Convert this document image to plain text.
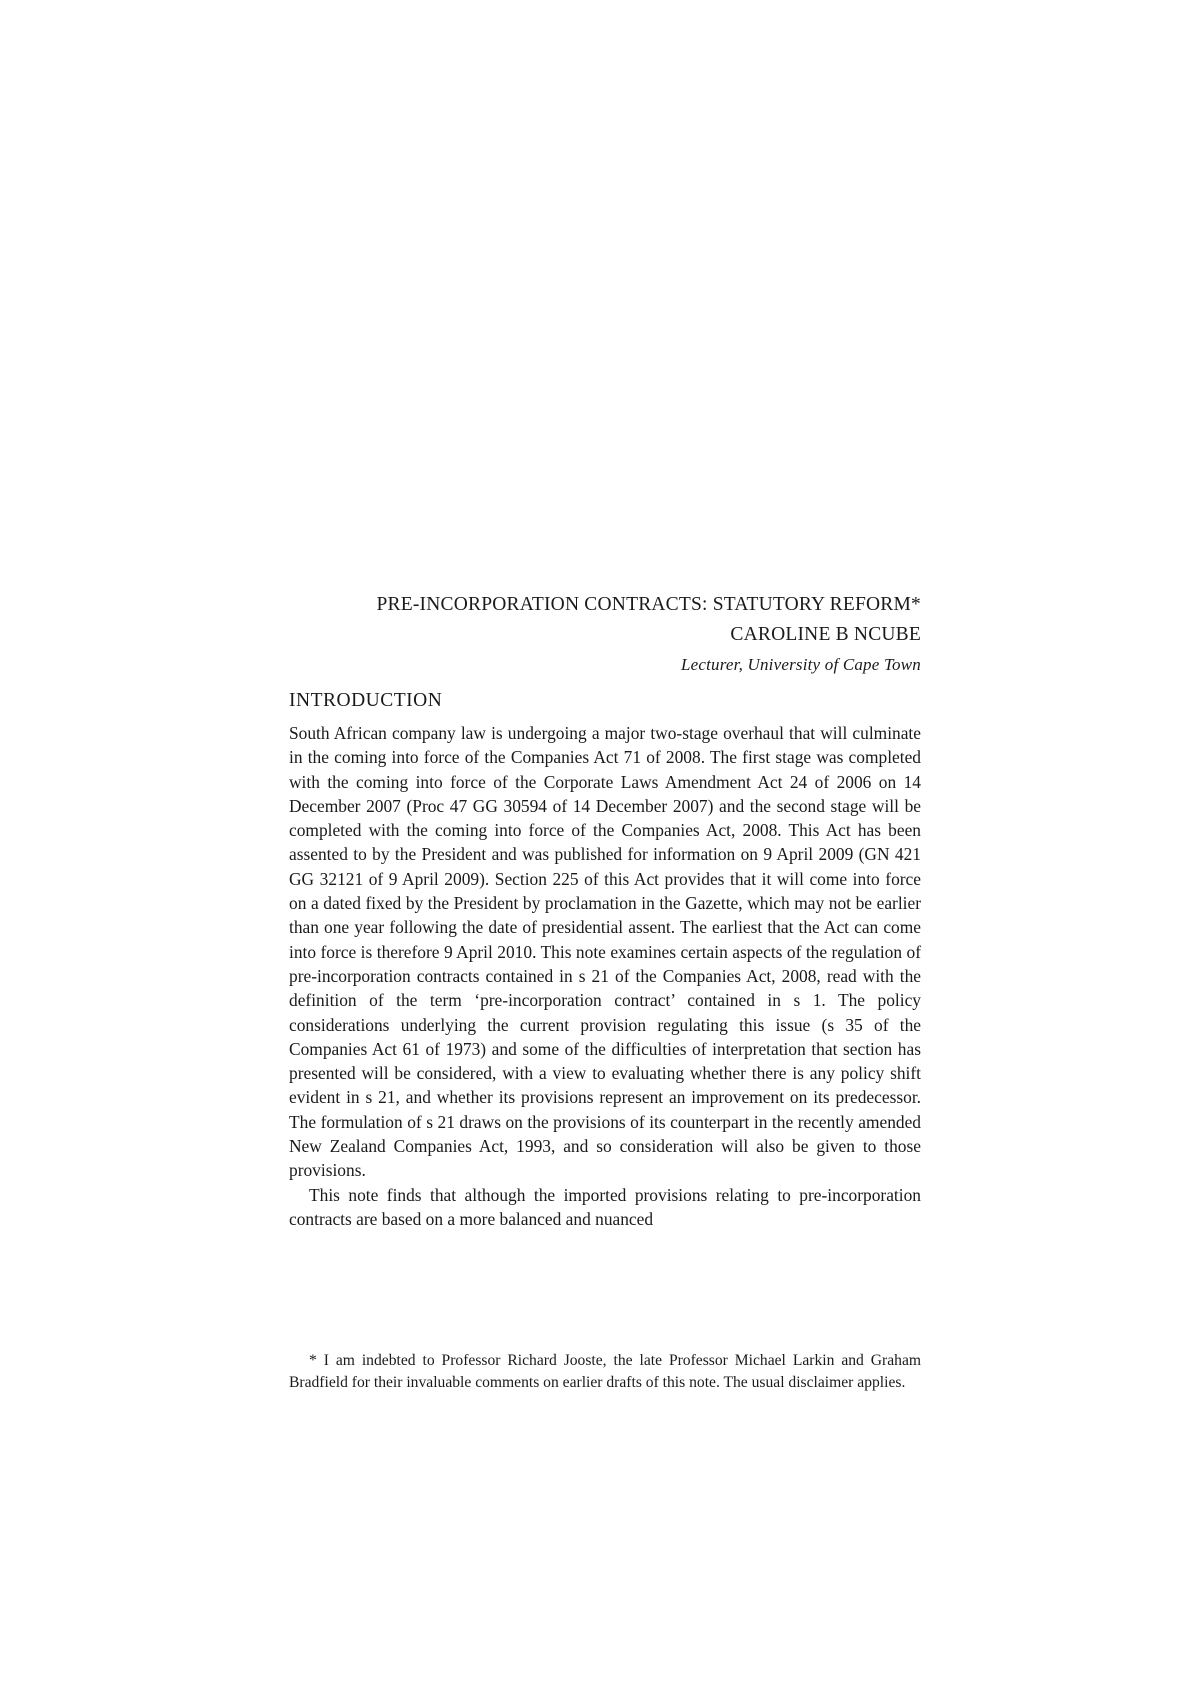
PRE-INCORPORATION CONTRACTS: STATUTORY REFORM*
CAROLINE B NCUBE
Lecturer, University of Cape Town
INTRODUCTION

South African company law is undergoing a major two-stage overhaul that will culminate in the coming into force of the Companies Act 71 of 2008. The first stage was completed with the coming into force of the Corporate Laws Amendment Act 24 of 2006 on 14 December 2007 (Proc 47 GG 30594 of 14 December 2007) and the second stage will be completed with the coming into force of the Companies Act, 2008. This Act has been assented to by the President and was published for information on 9 April 2009 (GN 421 GG 32121 of 9 April 2009). Section 225 of this Act provides that it will come into force on a dated fixed by the President by proclamation in the Gazette, which may not be earlier than one year following the date of presidential assent. The earliest that the Act can come into force is therefore 9 April 2010. This note examines certain aspects of the regulation of pre-incorporation contracts contained in s 21 of the Companies Act, 2008, read with the definition of the term ‘pre-incorporation contract’ contained in s 1. The policy considerations underlying the current provision regulating this issue (s 35 of the Companies Act 61 of 1973) and some of the difficulties of interpretation that section has presented will be considered, with a view to evaluating whether there is any policy shift evident in s 21, and whether its provisions represent an improvement on its predecessor. The formulation of s 21 draws on the provisions of its counterpart in the recently amended New Zealand Companies Act, 1993, and so consideration will also be given to those provisions.

This note finds that although the imported provisions relating to pre-incorporation contracts are based on a more balanced and nuanced

* I am indebted to Professor Richard Jooste, the late Professor Michael Larkin and Graham Bradfield for their invaluable comments on earlier drafts of this note. The usual disclaimer applies.
